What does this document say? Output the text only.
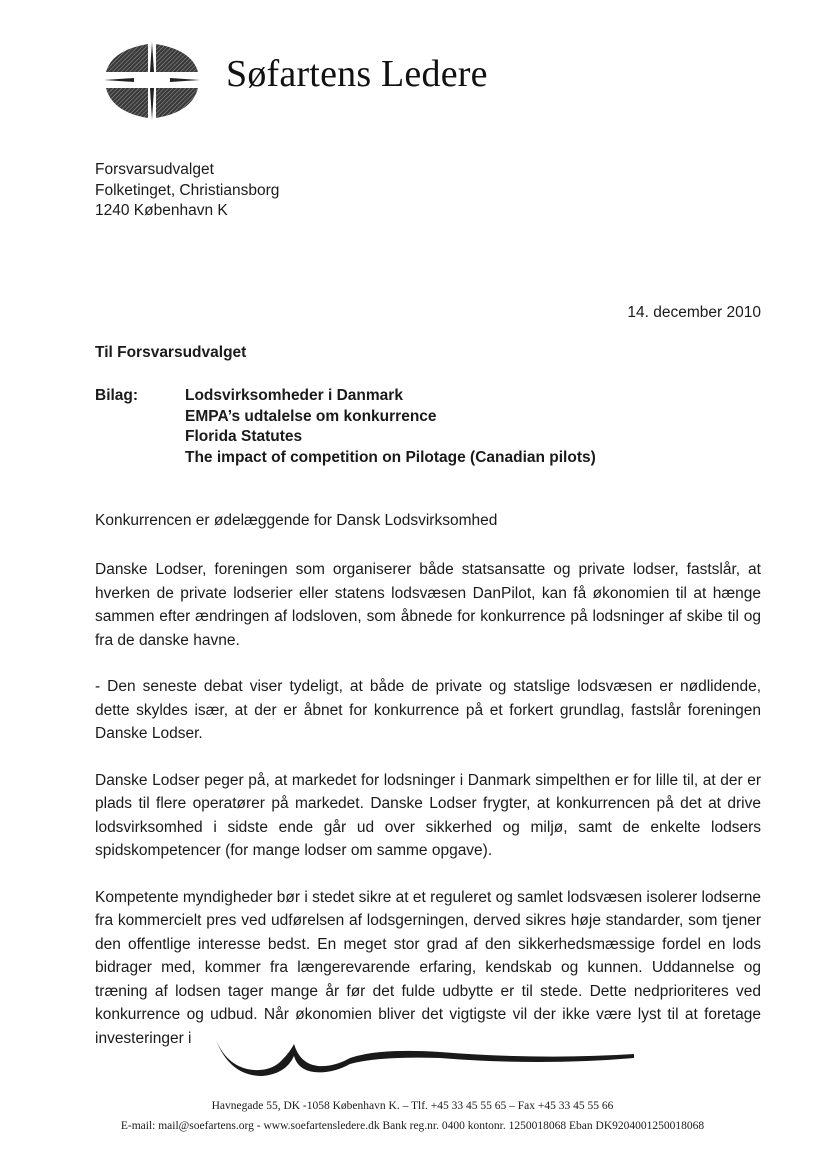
Søfartens Ledere
Forsvarsudvalget
Folketinget, Christiansborg
1240 København K
14. december 2010
Til Forsvarsudvalget
Bilag:	Lodsvirksomheder i Danmark
EMPA’s udtalelse om konkurrence
Florida Statutes
The impact of competition on Pilotage (Canadian pilots)
Konkurrencen er ødelæggende for Dansk Lodsvirksomhed

Danske Lodser, foreningen som organiserer både statsansatte og private lodser, fastslår, at hverken de private lodserier eller statens lodsvæsen DanPilot, kan få økonomien til at hænge sammen efter ændringen af lodsloven, som åbnede for konkurrence på lodsninger af skibe til og fra de danske havne.

- Den seneste debat viser tydeligt, at både de private og statslige lodsvæsen er nødlidende, dette skyldes især, at der er åbnet for konkurrence på et forkert grundlag, fastslår foreningen Danske Lodser.

Danske Lodser peger på, at markedet for lodsninger i Danmark simpelthen er for lille til, at der er plads til flere operatører på markedet. Danske Lodser frygter, at konkurrencen på det at drive lodsvirksomhed i sidste ende går ud over sikkerhed og miljø, samt de enkelte lodsers spidskompetencer (for mange lodser om samme opgave).

Kompetente myndigheder bør i stedet sikre at et reguleret og samlet lodsvæsen isolerer lodserne fra kommercielt pres ved udførelsen af lodsgerningen, derved sikres høje standarder, som tjener den offentlige interesse bedst. En meget stor grad af den sikkerhedsmæssige fordel en lods bidrager med, kommer fra længerevarende erfaring, kendskab og kunnen. Uddannelse og træning af lodsen tager mange år før det fulde udbytte er til stede. Dette nedprioriteres ved konkurrence og udbud. Når økonomien bliver det vigtigste vil der ikke være lyst til at foretage investeringer i

Havnegade 55, DK -1058 København K. – Tlf. +45 33 45 55 65 – Fax +45 33 45 55 66
E-mail: mail@soefartens.org - www.soefartensledere.dk Bank reg.nr. 0400 kontonr. 1250018068 Eban DK9204001250018068
